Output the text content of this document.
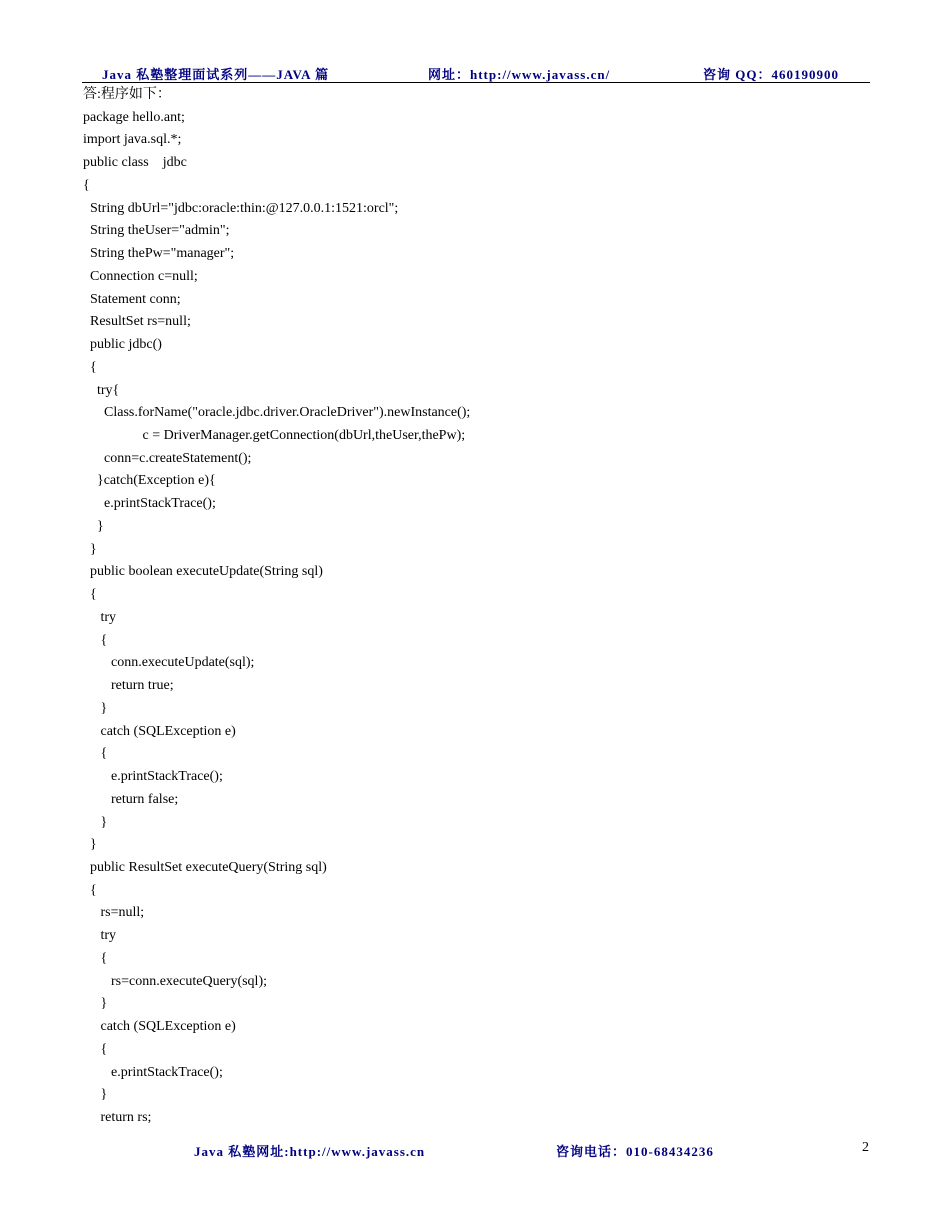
Java 私塾整理面试系列——JAVA 篇	网址：http://www.javass.cn/	咨询 QQ：460190900
答:程序如下：
package hello.ant;
import java.sql.*;
public class    jdbc
{
String dbUrl="jdbc:oracle:thin:@127.0.0.1:1521:orcl";
String theUser="admin";
String thePw="manager";
Connection c=null;
Statement conn;
ResultSet rs=null;
public jdbc()
{
try{
Class.forName("oracle.jdbc.driver.OracleDriver").newInstance();
c = DriverManager.getConnection(dbUrl,theUser,thePw);
conn=c.createStatement();
}catch(Exception e){
e.printStackTrace();
}
}
public boolean executeUpdate(String sql)
{
try
{
conn.executeUpdate(sql);
return true;
}
catch (SQLException e)
{
e.printStackTrace();
return false;
}
}
public ResultSet executeQuery(String sql)
{
rs=null;
try
{
rs=conn.executeQuery(sql);
}
catch (SQLException e)
{
e.printStackTrace();
}
return rs;
Java 私塾网址:http://www.javass.cn	咨询电话：010-68434236	2
